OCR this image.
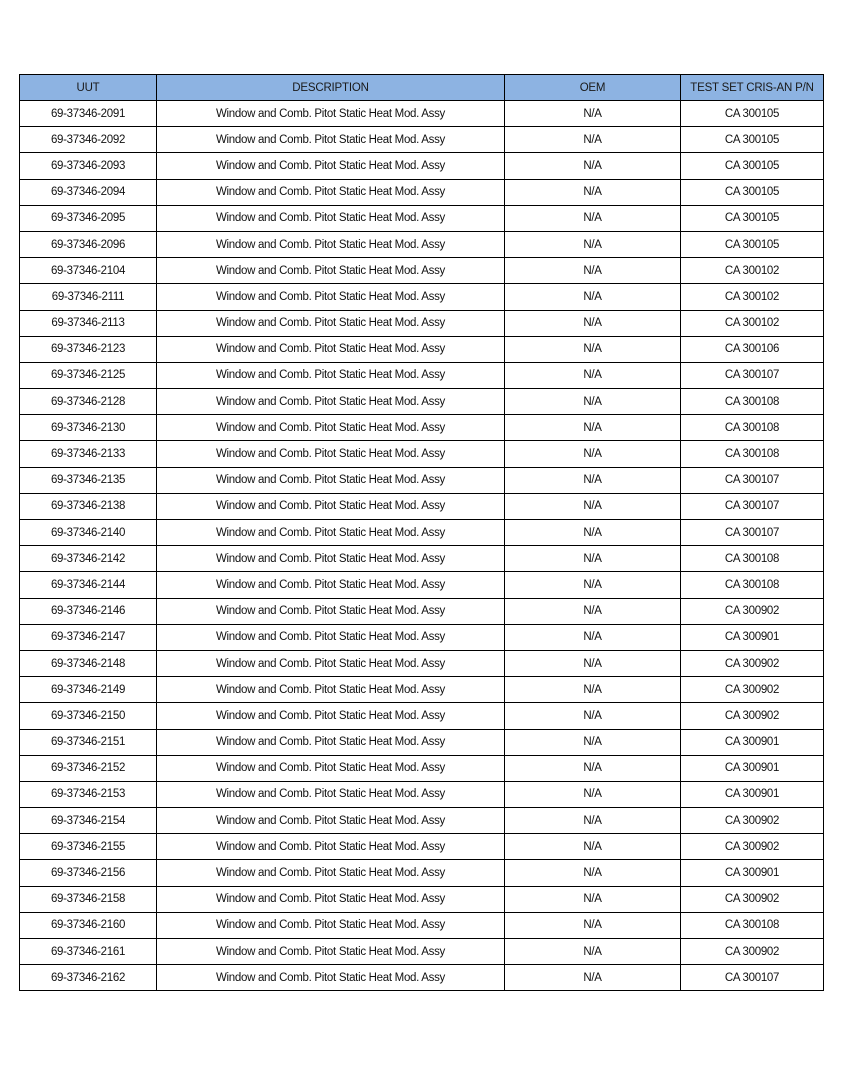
UUT	DESCRIPTION	OEM	TEST SET CRIS-AN P/N
69-37346-2091	Window and Comb. Pitot Static Heat Mod. Assy	N/A	CA 300105
69-37346-2092	Window and Comb. Pitot Static Heat Mod. Assy	N/A	CA 300105
69-37346-2093	Window and Comb. Pitot Static Heat Mod. Assy	N/A	CA 300105
69-37346-2094	Window and Comb. Pitot Static Heat Mod. Assy	N/A	CA 300105
69-37346-2095	Window and Comb. Pitot Static Heat Mod. Assy	N/A	CA 300105
69-37346-2096	Window and Comb. Pitot Static Heat Mod. Assy	N/A	CA 300105
69-37346-2104	Window and Comb. Pitot Static Heat Mod. Assy	N/A	CA 300102
69-37346-2111	Window and Comb. Pitot Static Heat Mod. Assy	N/A	CA 300102
69-37346-2113	Window and Comb. Pitot Static Heat Mod. Assy	N/A	CA 300102
69-37346-2123	Window and Comb. Pitot Static Heat Mod. Assy	N/A	CA 300106
69-37346-2125	Window and Comb. Pitot Static Heat Mod. Assy	N/A	CA 300107
69-37346-2128	Window and Comb. Pitot Static Heat Mod. Assy	N/A	CA 300108
69-37346-2130	Window and Comb. Pitot Static Heat Mod. Assy	N/A	CA 300108
69-37346-2133	Window and Comb. Pitot Static Heat Mod. Assy	N/A	CA 300108
69-37346-2135	Window and Comb. Pitot Static Heat Mod. Assy	N/A	CA 300107
69-37346-2138	Window and Comb. Pitot Static Heat Mod. Assy	N/A	CA 300107
69-37346-2140	Window and Comb. Pitot Static Heat Mod. Assy	N/A	CA 300107
69-37346-2142	Window and Comb. Pitot Static Heat Mod. Assy	N/A	CA 300108
69-37346-2144	Window and Comb. Pitot Static Heat Mod. Assy	N/A	CA 300108
69-37346-2146	Window and Comb. Pitot Static Heat Mod. Assy	N/A	CA 300902
69-37346-2147	Window and Comb. Pitot Static Heat Mod. Assy	N/A	CA 300901
69-37346-2148	Window and Comb. Pitot Static Heat Mod. Assy	N/A	CA 300902
69-37346-2149	Window and Comb. Pitot Static Heat Mod. Assy	N/A	CA 300902
69-37346-2150	Window and Comb. Pitot Static Heat Mod. Assy	N/A	CA 300902
69-37346-2151	Window and Comb. Pitot Static Heat Mod. Assy	N/A	CA 300901
69-37346-2152	Window and Comb. Pitot Static Heat Mod. Assy	N/A	CA 300901
69-37346-2153	Window and Comb. Pitot Static Heat Mod. Assy	N/A	CA 300901
69-37346-2154	Window and Comb. Pitot Static Heat Mod. Assy	N/A	CA 300902
69-37346-2155	Window and Comb. Pitot Static Heat Mod. Assy	N/A	CA 300902
69-37346-2156	Window and Comb. Pitot Static Heat Mod. Assy	N/A	CA 300901
69-37346-2158	Window and Comb. Pitot Static Heat Mod. Assy	N/A	CA 300902
69-37346-2160	Window and Comb. Pitot Static Heat Mod. Assy	N/A	CA 300108
69-37346-2161	Window and Comb. Pitot Static Heat Mod. Assy	N/A	CA 300902
69-37346-2162	Window and Comb. Pitot Static Heat Mod. Assy	N/A	CA 300107
